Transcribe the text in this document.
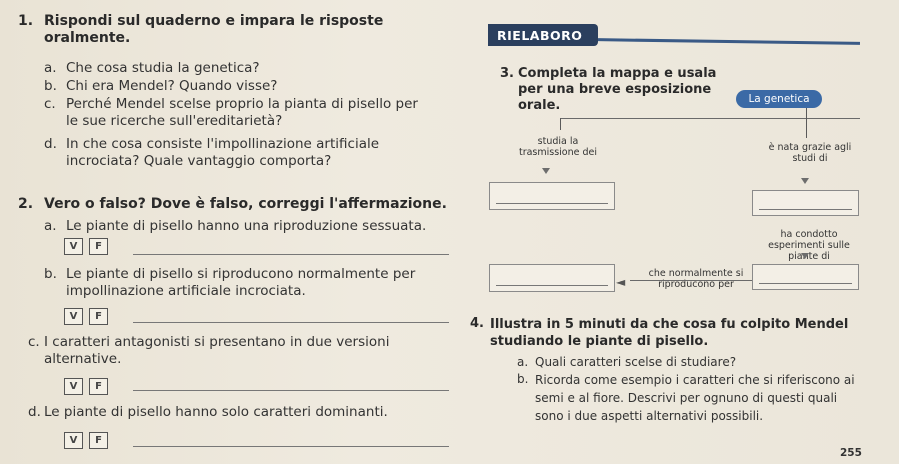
1. Rispondi sul quaderno e impara le risposte oralmente.
a. Che cosa studia la genetica?
b. Chi era Mendel? Quando visse?
c. Perché Mendel scelse proprio la pianta di pisello per le sue ricerche sull'ereditarietà?
d. In che cosa consiste l'impollinazione artificiale incrociata? Quale vantaggio comporta?
2. Vero o falso? Dove è falso, correggi l'affermazione.
a. Le piante di pisello hanno una riproduzione sessuata.
V	F
b. Le piante di pisello si riproducono normalmente per impollinazione artificiale incrociata.
V	F
c. I caratteri antagonisti si presentano in due versioni alternative.
V	F
d. Le piante di pisello hanno solo caratteri dominanti.
V	F
RIELABORO
3. Completa la mappa e usala per una breve esposizione orale.	La genetica
studia la trasmissione dei	è nata grazie agli studi di
ha condotto esperimenti sulle piante di
che normalmente si riproducono per
◄
4. Illustra in 5 minuti da che cosa fu colpito Mendel studiando le piante di pisello.
a. Quali caratteri scelse di studiare?
b. Ricorda come esempio i caratteri che si riferiscono ai semi e al fiore. Descrivi per ognuno di questi quali sono i due aspetti alternativi possibili.
255
